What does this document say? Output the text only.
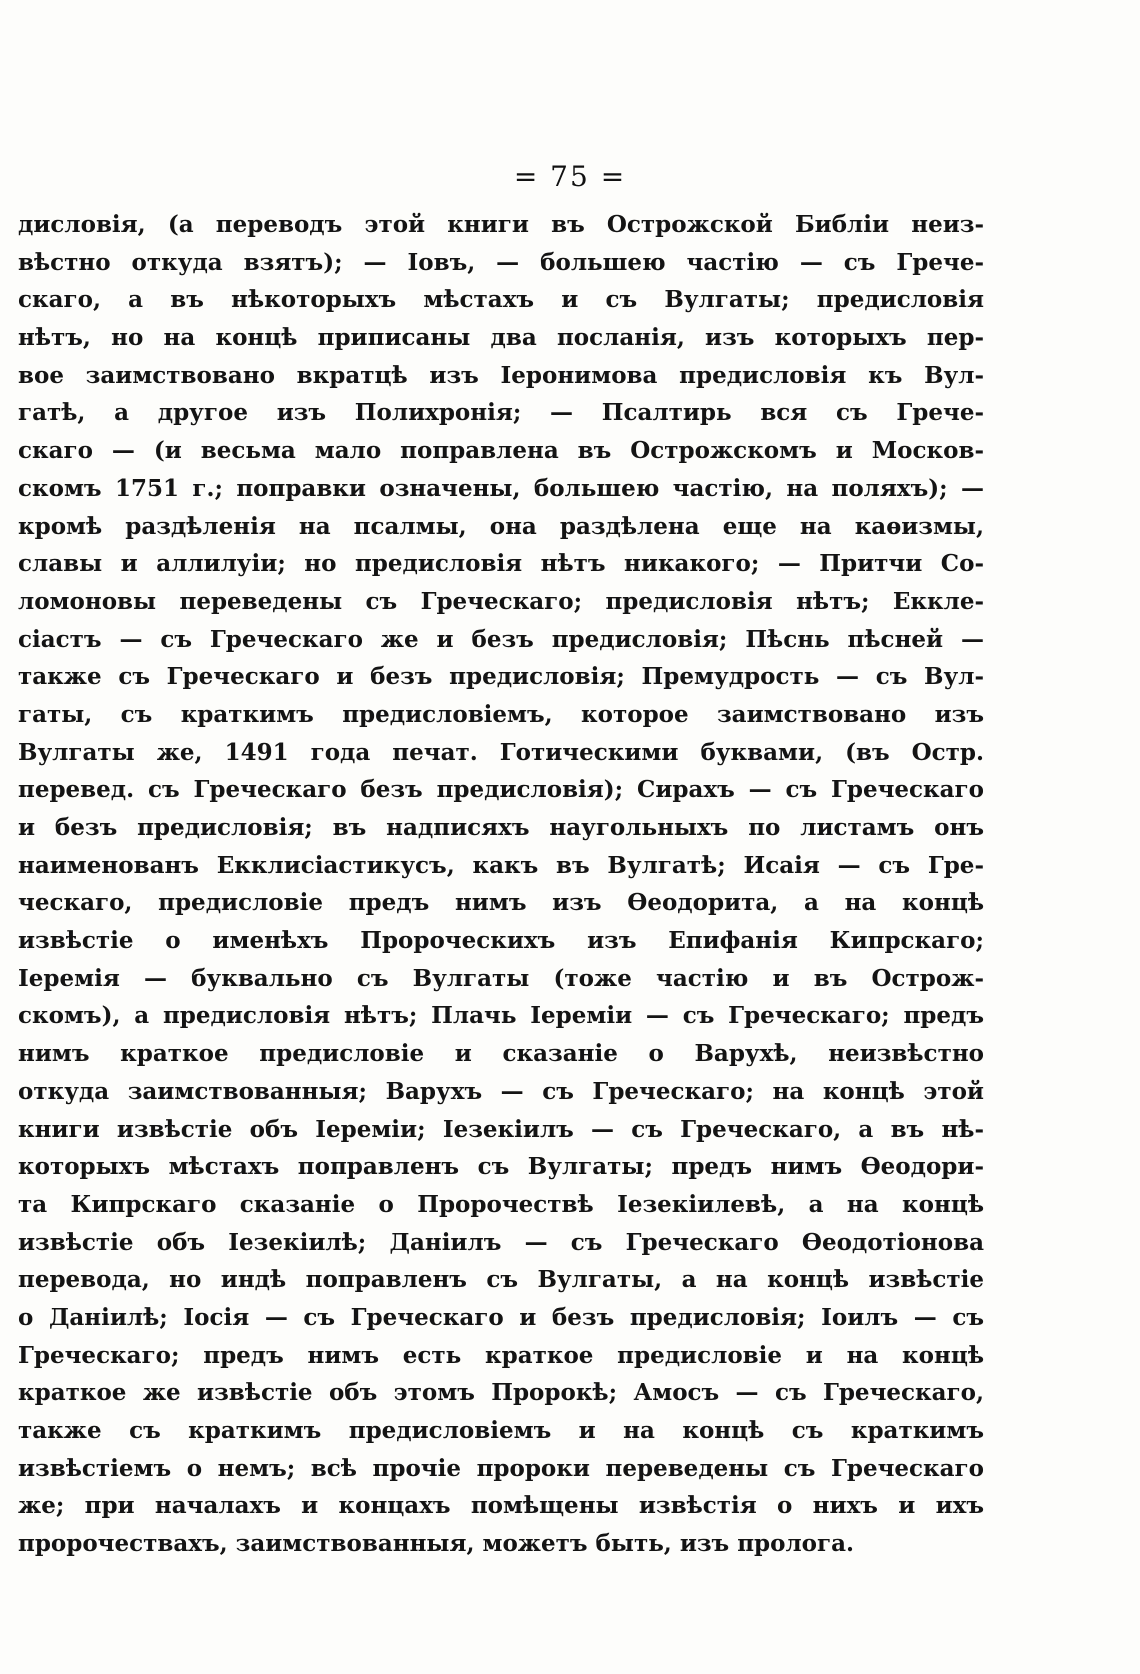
= 75 =
дисловія, (а переводъ этой книги въ Острожской Библіи неиз-
вѣстно откуда взятъ); — Іовъ, — большею частію — съ Грече-
скаго, а въ нѣкоторыхъ мѣстахъ и съ Вулгаты; предисловія
нѣтъ, но на концѣ приписаны два посланія, изъ которыхъ пер-
вое заимствовано вкратцѣ изъ Іеронимова предисловія къ Вул-
гатѣ, а другое изъ Полихронія; — Псалтирь вся съ Грече-
скаго — (и весьма мало поправлена въ Острожскомъ и Москов-
скомъ 1751 г.; поправки означены, большею частію, на поляхъ); —
кромѣ раздѣленія на псалмы, она раздѣлена еще на каѳизмы,
славы и аллилуіи; но предисловія нѣтъ никакого; — Притчи Со-
ломоновы переведены съ Греческаго; предисловія нѣтъ; Екклe-
сіастъ — съ Греческаго же и безъ предисловія; Пѣснь пѣсней —
также съ Греческаго и безъ предисловія; Премудрость — съ Вул-
гаты, съ краткимъ предисловіемъ, которое заимствовано изъ
Вулгаты же, 1491 года печат. Готическими буквами, (въ Остр.
перевед. съ Греческаго безъ предисловія); Сирахъ — съ Греческаго
и безъ предисловія; въ надписяхъ наугольныхъ по листамъ онъ
наименованъ Екклисіастикусъ, какъ въ Вулгатѣ; Исаія — съ Гре-
ческаго, предисловіе предъ нимъ изъ Ѳеодорита, а на концѣ
извѣстіе о именѣхъ Пророческихъ изъ Епифанія Кипрскаго;
Іеремія — буквально съ Вулгаты (тоже частію и въ Острож-
скомъ), а предисловія нѣтъ; Плачь Іереміи — съ Греческаго; предъ
нимъ краткое предисловіе и сказаніе о Варухѣ, неизвѣстно
откуда заимствованныя; Варухъ — съ Греческаго; на концѣ этой
книги извѣстіе объ Іереміи; Іезекіилъ — съ Греческаго, а въ нѣ-
которыхъ мѣстахъ поправленъ съ Вулгаты; предъ нимъ Ѳеодори-
та Кипрскаго сказаніе о Пророчествѣ Іезекіилевѣ, а на концѣ
извѣстіе объ Іезекіилѣ; Даніилъ — съ Греческаго Ѳеодотіонова
перевода, но индѣ поправленъ съ Вулгаты, а на концѣ извѣстіе
о Даніилѣ; Іосія — съ Греческаго и безъ предисловія; Іоилъ — съ
Греческаго; предъ нимъ есть краткое предисловіе и на концѣ
краткое же извѣстіе объ этомъ Пророкѣ; Амосъ — съ Греческаго,
также съ краткимъ предисловіемъ и на концѣ съ краткимъ
извѣстіемъ о немъ; всѣ прочіе пророки переведены съ Греческаго
же; при началахъ и концахъ помѣщены извѣстія о нихъ и ихъ
пророчествахъ, заимствованныя, можетъ быть, изъ пролога.
